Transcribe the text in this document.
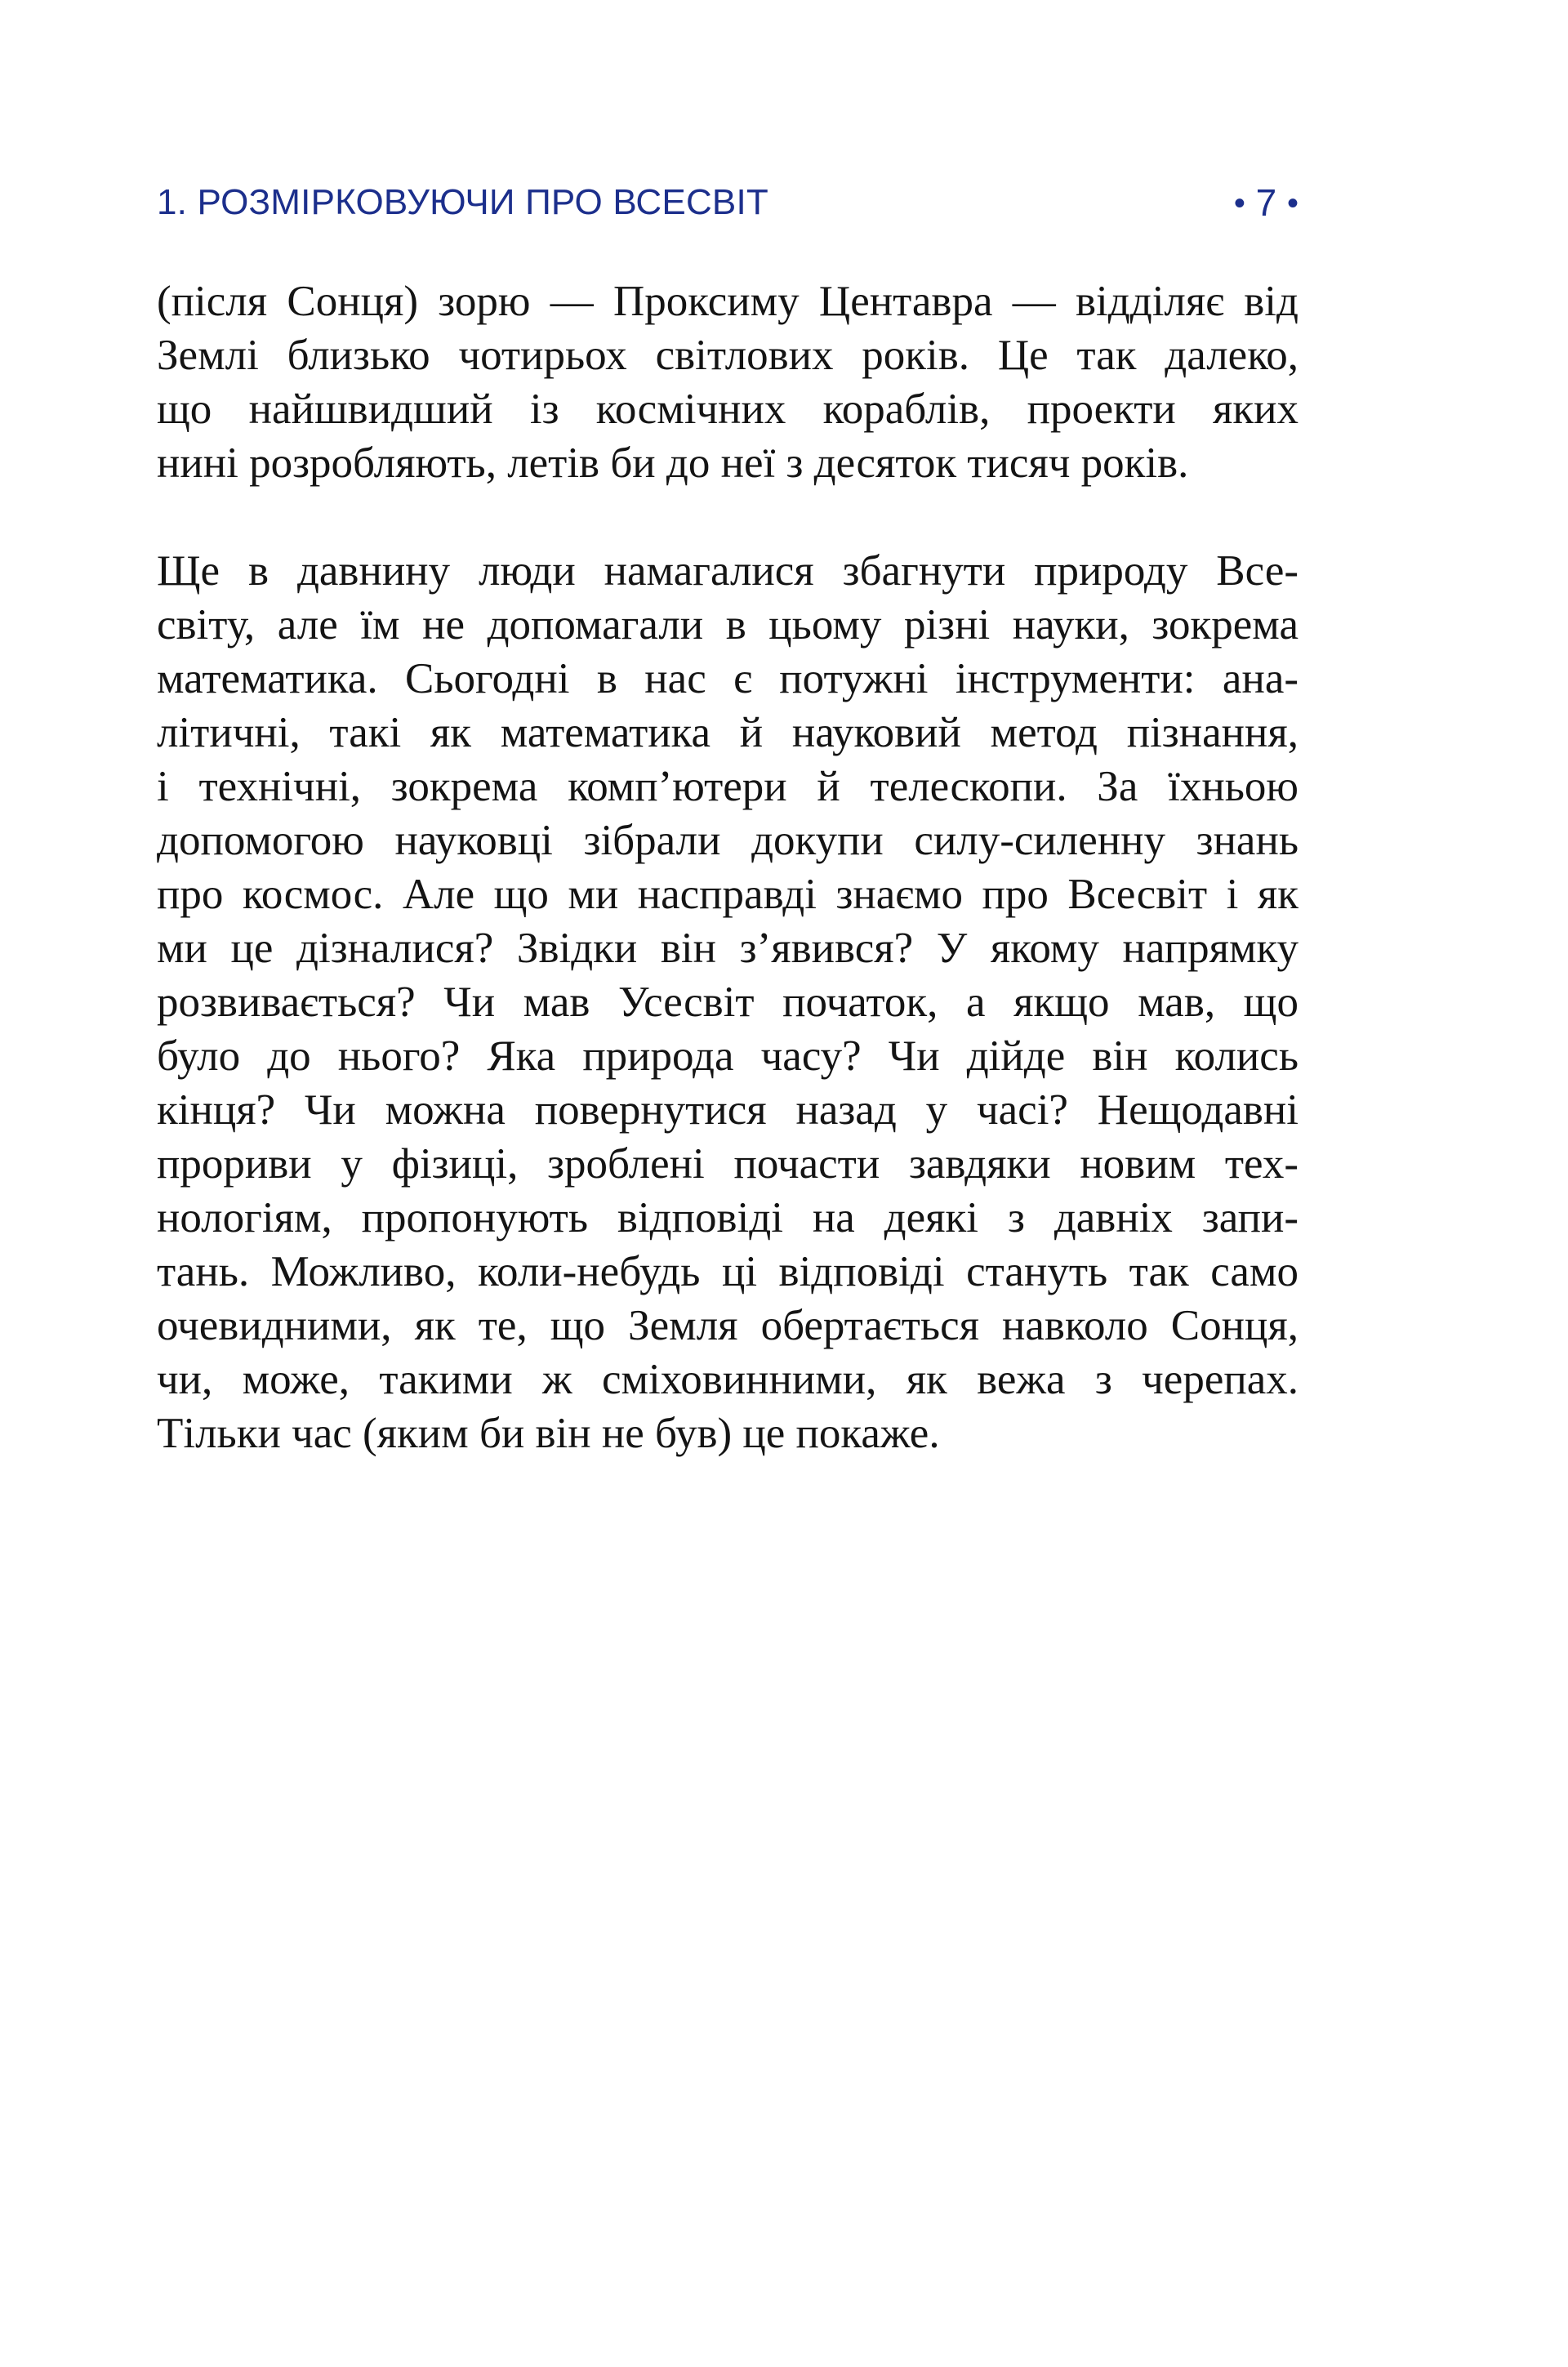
1. РОЗМІРКОВУЮЧИ ПРО ВСЕСВІТ	• 7 •
(після Сонця) зорю — Проксиму Центавра — відділяє від
Землі близько чотирьох світлових років. Це так далеко,
що найшвидший із космічних кораблів, проекти яких
нині розробляють, летів би до неї з десяток тисяч років.
Ще в давнину люди намагалися збагнути природу Все-
світу, але їм не допомагали в цьому різні науки, зокрема
математика. Сьогодні в нас є потужні інструменти: ана-
літичні, такі як математика й науковий метод пізнання,
і технічні, зокрема комп’ютери й телескопи. За їхньою
допомогою науковці зібрали докупи силу-силенну знань
про космос. Але що ми насправді знаємо про Всесвіт і як
ми це дізналися? Звідки він з’явився? У якому напрямку
розвивається? Чи мав Усесвіт початок, а якщо мав, що
було до нього? Яка природа часу? Чи дійде він колись
кінця? Чи можна повернутися назад у часі? Нещодавні
прориви у фізиці, зроблені почасти завдяки новим тех-
нологіям, пропонують відповіді на деякі з давніх запи-
тань. Можливо, коли-небудь ці відповіді стануть так само
очевидними, як те, що Земля обертається навколо Сонця,
чи, може, такими ж сміховинними, як вежа з черепах.
Тільки час (яким би він не був) це покаже.
